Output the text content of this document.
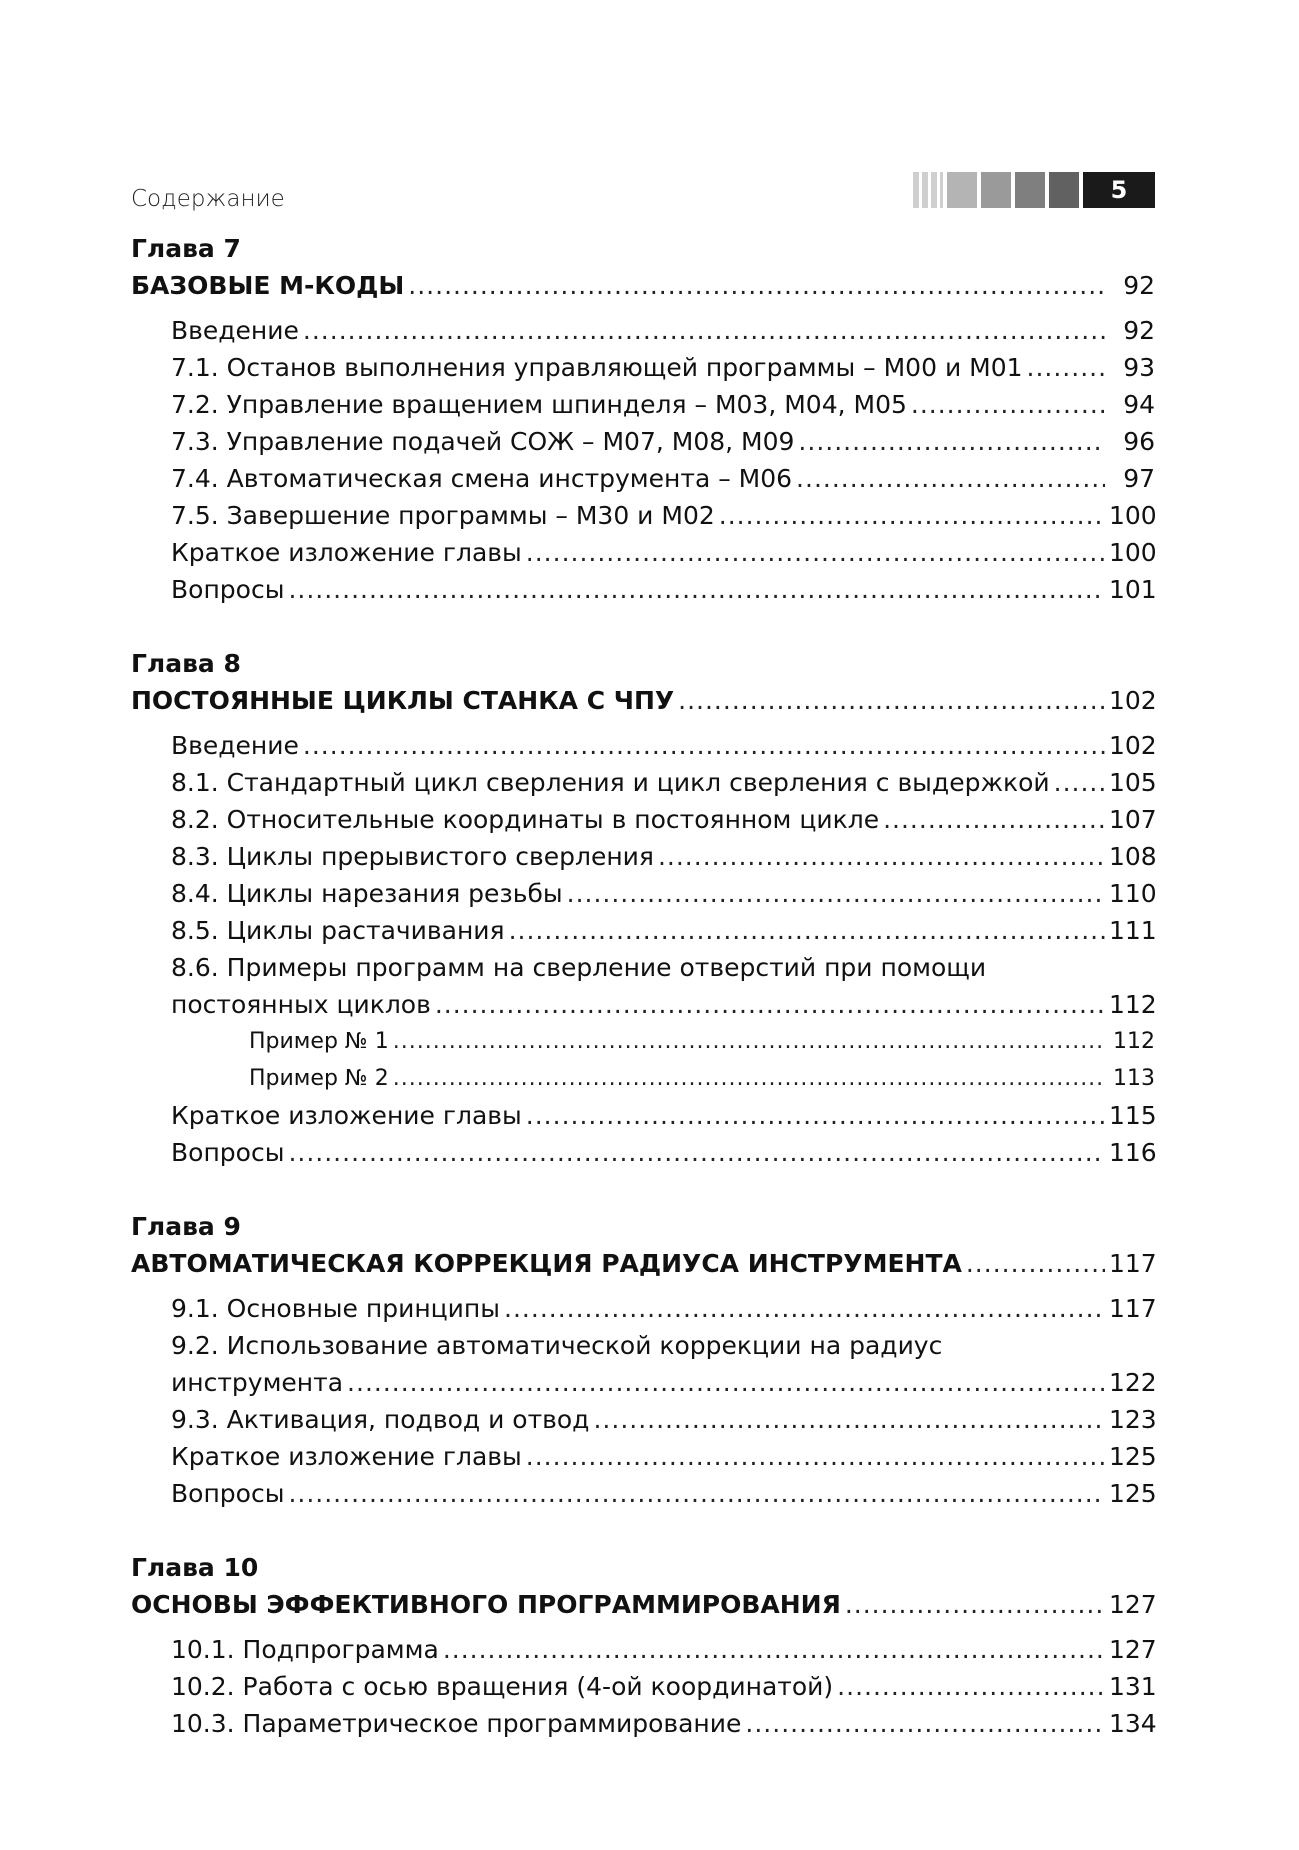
Содержание	5
Глава 7
БАЗОВЫЕ М-КОДЫ .....	92
Введение .....	92
7.1. Останов выполнения управляющей программы – М00 и М01 .....	93
7.2. Управление вращением шпинделя – М03, М04, М05 .....	94
7.3. Управление подачей СОЖ – М07, М08, М09 .....	96
7.4. Автоматическая смена инструмента – М06 .....	97
7.5. Завершение программы – М30 и М02 .....	100
Краткое изложение главы .....	100
Вопросы .....	101
Глава 8
ПОСТОЯННЫЕ ЦИКЛЫ СТАНКА С ЧПУ .....	102
Введение .....	102
8.1. Стандартный цикл сверления и цикл сверления с выдержкой ..... 105
8.2. Относительные координаты в постоянном цикле .....	107
8.3. Циклы прерывистого сверления .....	108
8.4. Циклы нарезания резьбы .....	110
8.5. Циклы растачивания .....	111
8.6. Примеры программ на сверление отверстий при помощи
постоянных циклов .....	112
Пример № 1 .....	112
Пример № 2 .....	113
Краткое изложение главы .....	115
Вопросы .....	116
Глава 9
АВТОМАТИЧЕСКАЯ КОРРЕКЦИЯ РАДИУСА ИНСТРУМЕНТА .....	117
9.1. Основные принципы .....	117
9.2. Использование автоматической коррекции на радиус
инструмента .....	122
9.3. Активация, подвод и отвод .....	123
Краткое изложение главы .....	125
Вопросы .....	125
Глава 10
ОСНОВЫ ЭФФЕКТИВНОГО ПРОГРАММИРОВАНИЯ .....	127
10.1. Подпрограмма .....	127
10.2. Работа с осью вращения (4-ой координатой) .....	131
10.3. Параметрическое программирование .....	134
